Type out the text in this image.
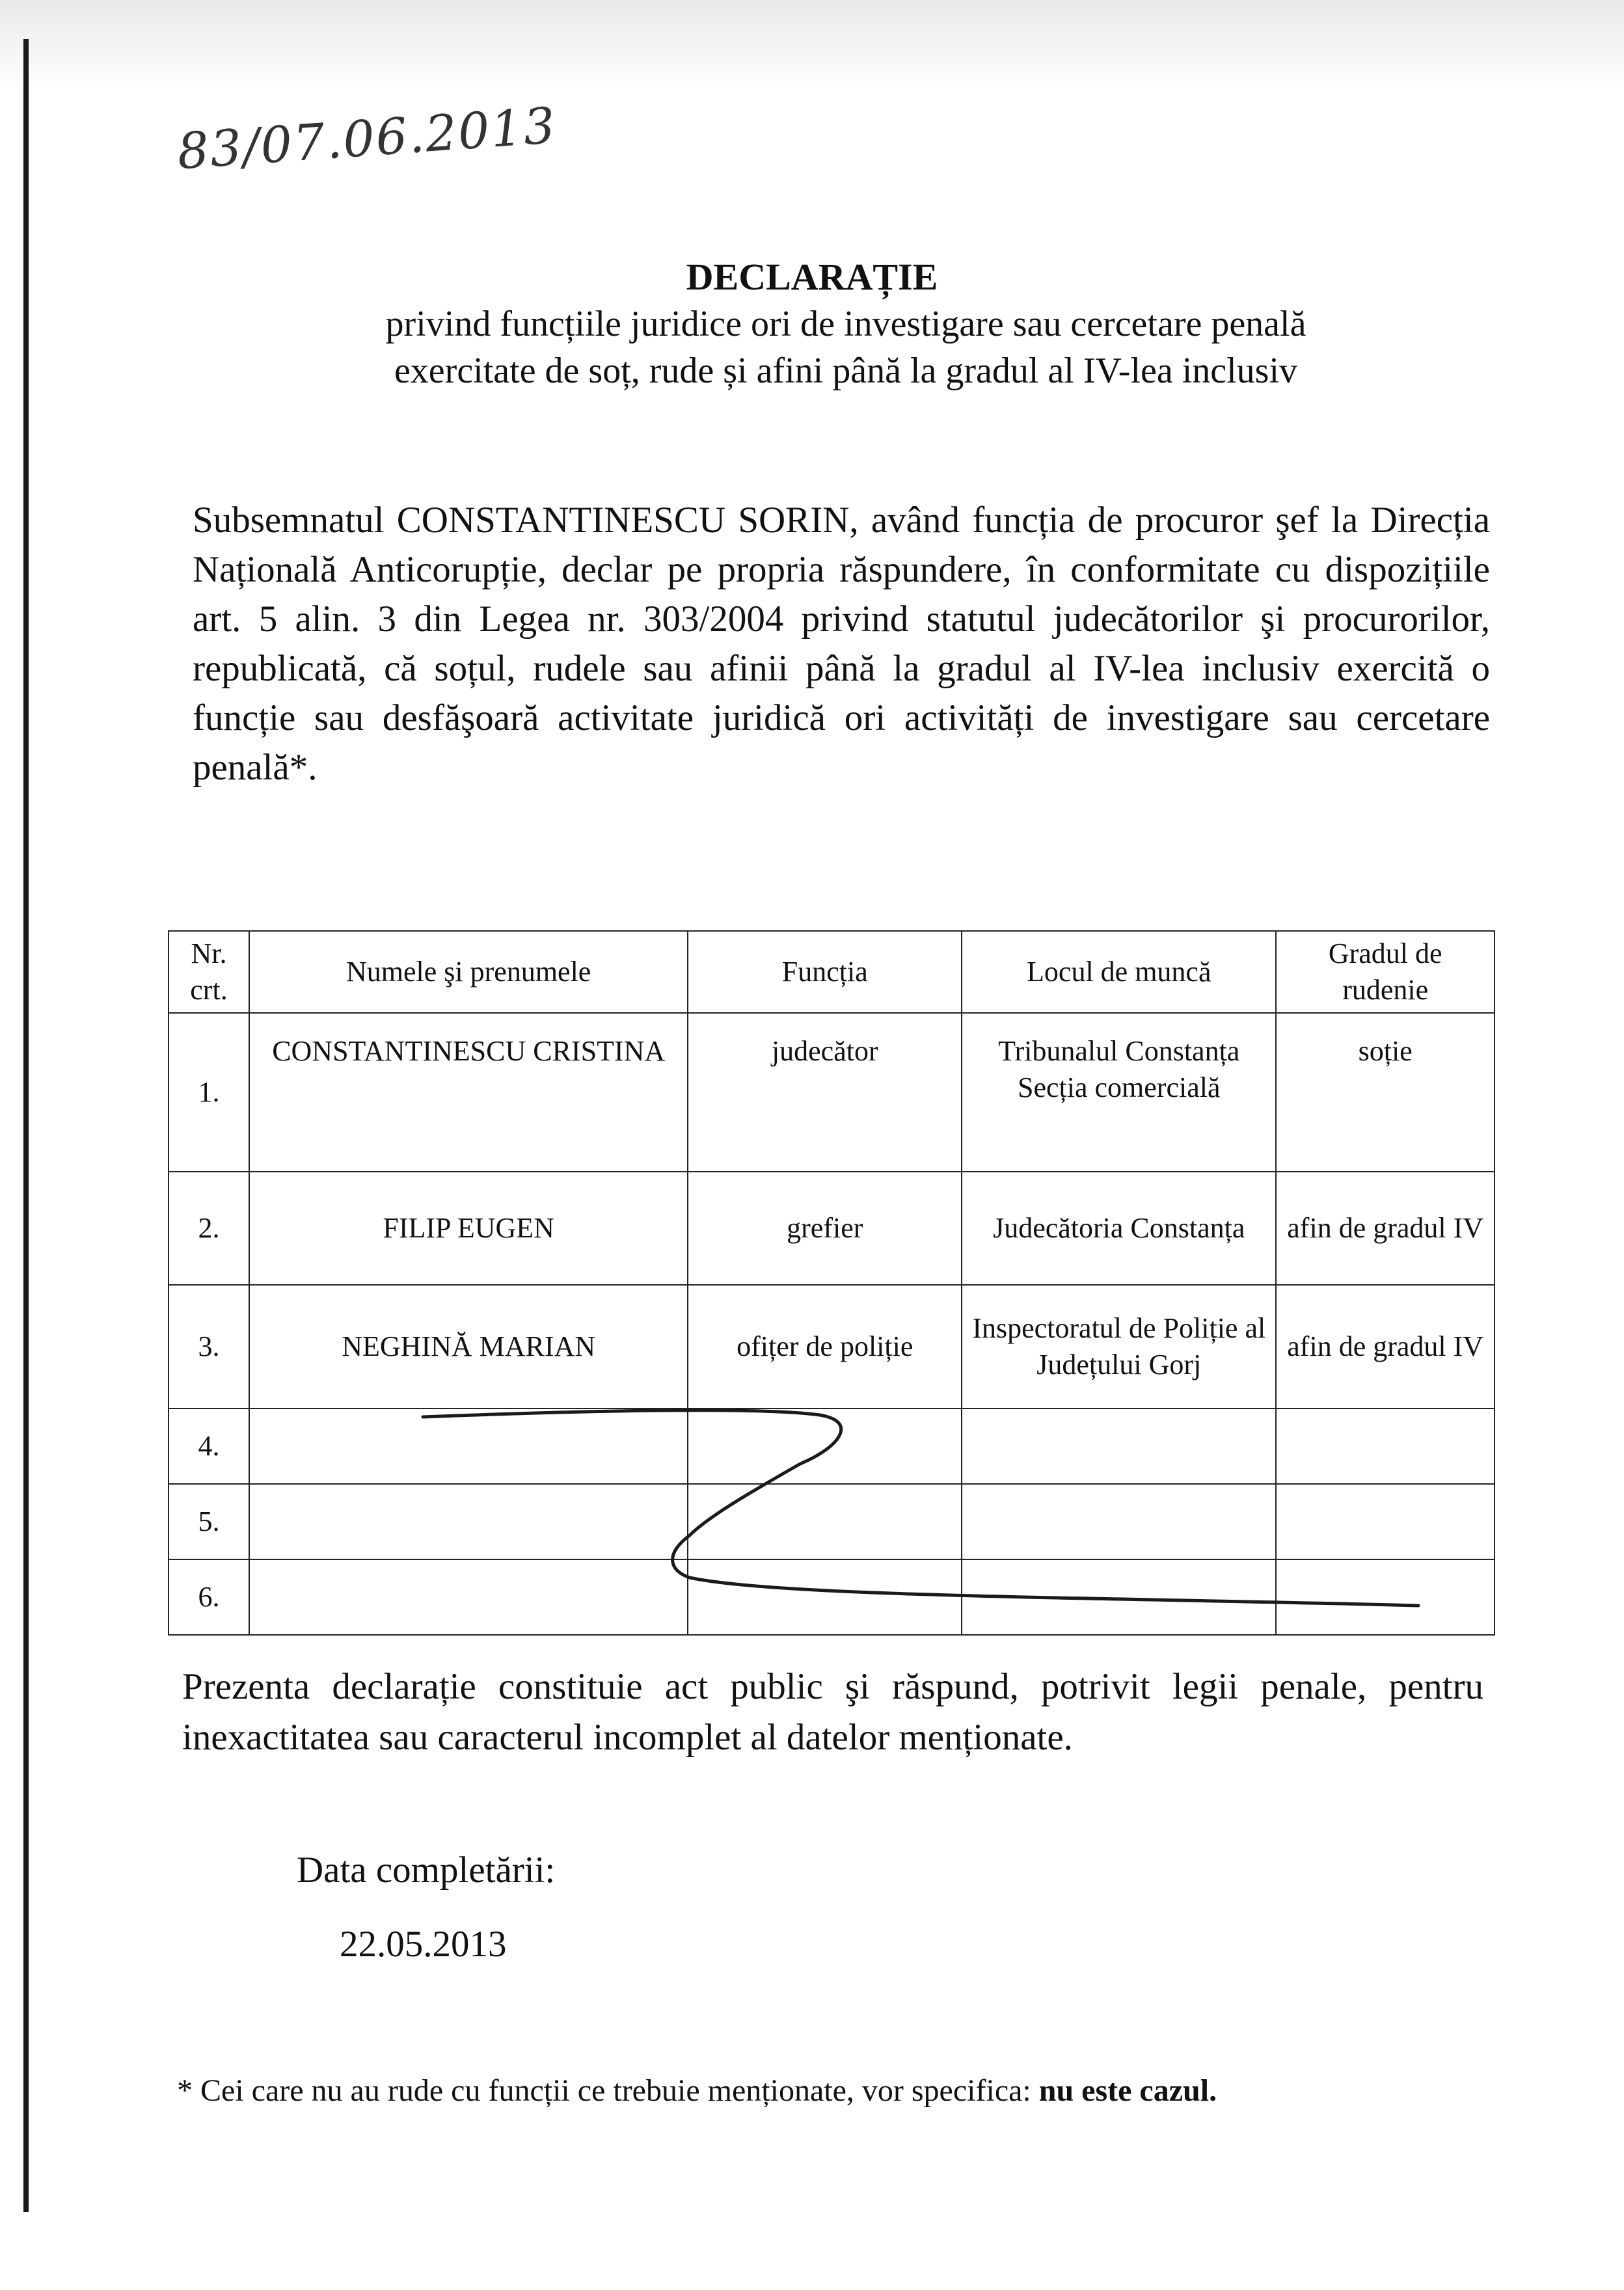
83/07.06.2013
DECLARAȚIE
privind funcțiile juridice ori de investigare sau cercetare penală
exercitate de soț, rude și afini până la gradul al IV-lea inclusiv
Subsemnatul CONSTANTINESCU SORIN, având funcția de procuror şef la Direcția Națională Anticorupție, declar pe propria răspundere, în conformitate cu dispozițiile art. 5 alin. 3 din Legea nr. 303/2004 privind statutul judecătorilor şi procurorilor, republicată, că soțul, rudele sau afinii până la gradul al IV-lea inclusiv exercită o funcție sau desfăşoară activitate juridică ori activități de investigare sau cercetare penală*.
Nr. crt.	Numele şi prenumele	Funcția	Locul de muncă	Gradul de rudenie
1.	CONSTANTINESCU CRISTINA	judecător	Tribunalul Constanța Secția comercială	soție
2.	FILIP EUGEN	grefier	Judecătoria Constanța	afin de gradul IV
3.	NEGHINĂ MARIAN	ofițer de poliție	Inspectoratul de Poliție al Județului Gorj	afin de gradul IV
4.				
5.				
6.				
Prezenta declarație constituie act public şi răspund, potrivit legii penale, pentru inexactitatea sau caracterul incomplet al datelor menționate.
Data completării:
22.05.2013
* Cei care nu au rude cu funcții ce trebuie menționate, vor specifica: nu este cazul.
